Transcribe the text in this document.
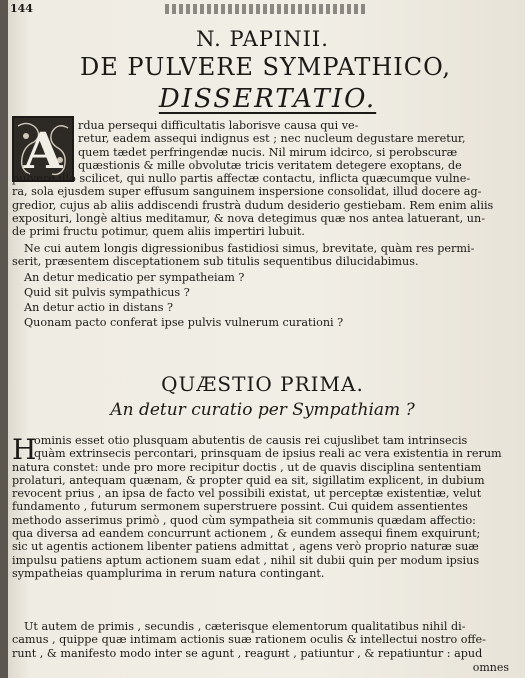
144
N. PAPINII.
DE PULVERE SYMPATHICO,
DISSERTATIO.
A	rdua persequi difficultatis laborisve causa qui ve-
retur, eadem assequi indignus est ; nec nucleum degustare meretur,
quem tædet perfringendæ nucis. Nil mirum idcirco, si perobscuræ
quæstionis & mille obvolutæ tricis veritatem detegere exoptans, de
pulvere illo scilicet, qui nullo partis affectæ contactu, inflicta quæcumque vulne-
ra, sola ejusdem super effusum sanguinem inspersione consolidat, illud docere ag-
gredior, cujus ab aliis addiscendi frustrà dudum desiderio gestiebam. Rem enim aliis
expositurі, longè altius meditamur, & nova detegimus quæ nos antea latuerant, un-
de primi fructu potimur, quem aliis impertiri lubuit.
Ne cui autem longis digressionibus fastidiosi simus, brevitate, quàm res permi-
serit, præsentem disceptationem sub titulis sequentibus dilucidabimus.
An detur medicatio per sympatheiam ?
Quid sit pulvis sympathicus ?
An detur actio in distans ?
Quonam pacto conferat ipse pulvis vulnerum curationi ?
QUÆSTIO PRIMA.
An detur curatio per Sympathiam ?
H
ominis esset otio plusquam abutentis de causis rei cujuslibet tam intrinsecis
quàm extrinsecis percontari, prinsquam de ipsius reali ac vera existentia in rerum
natura constet: unde pro more recipitur doctis , ut de quavis disciplina sententiam
prolaturi, antequam quænam, & propter quid ea sit, sigillatim explicent, in dubium
revocent prius , an ipsa de facto vel possibili existat, ut perceptæ existentiæ, velut
fundamento , futurum sermonem superstruere possint. Cui quidem assentientes
methodo asserimus primò , quod cùm sympatheia sit communis quædam affectio:
qua diversa ad eandem concurrunt actionem , & eundem assequi finem exquirunt;
sic ut agentis actionem libenter patiens admittat , agens verò proprio naturæ suæ
impulsu patiens aptum actionem suam edat , nihil sit dubii quin per modum ipsius
sympatheias quamplurima in rerum natura contingant.
Ut autem de primis , secundis , cæterisque elementorum qualitatibus nihil di-
camus , quippe quæ intimam actionis suæ rationem oculis & intellectui nostro offe-
runt , & manifesto modo inter se agunt , reaguнt , patiuntur , & repatiuntur : apud
omnes
